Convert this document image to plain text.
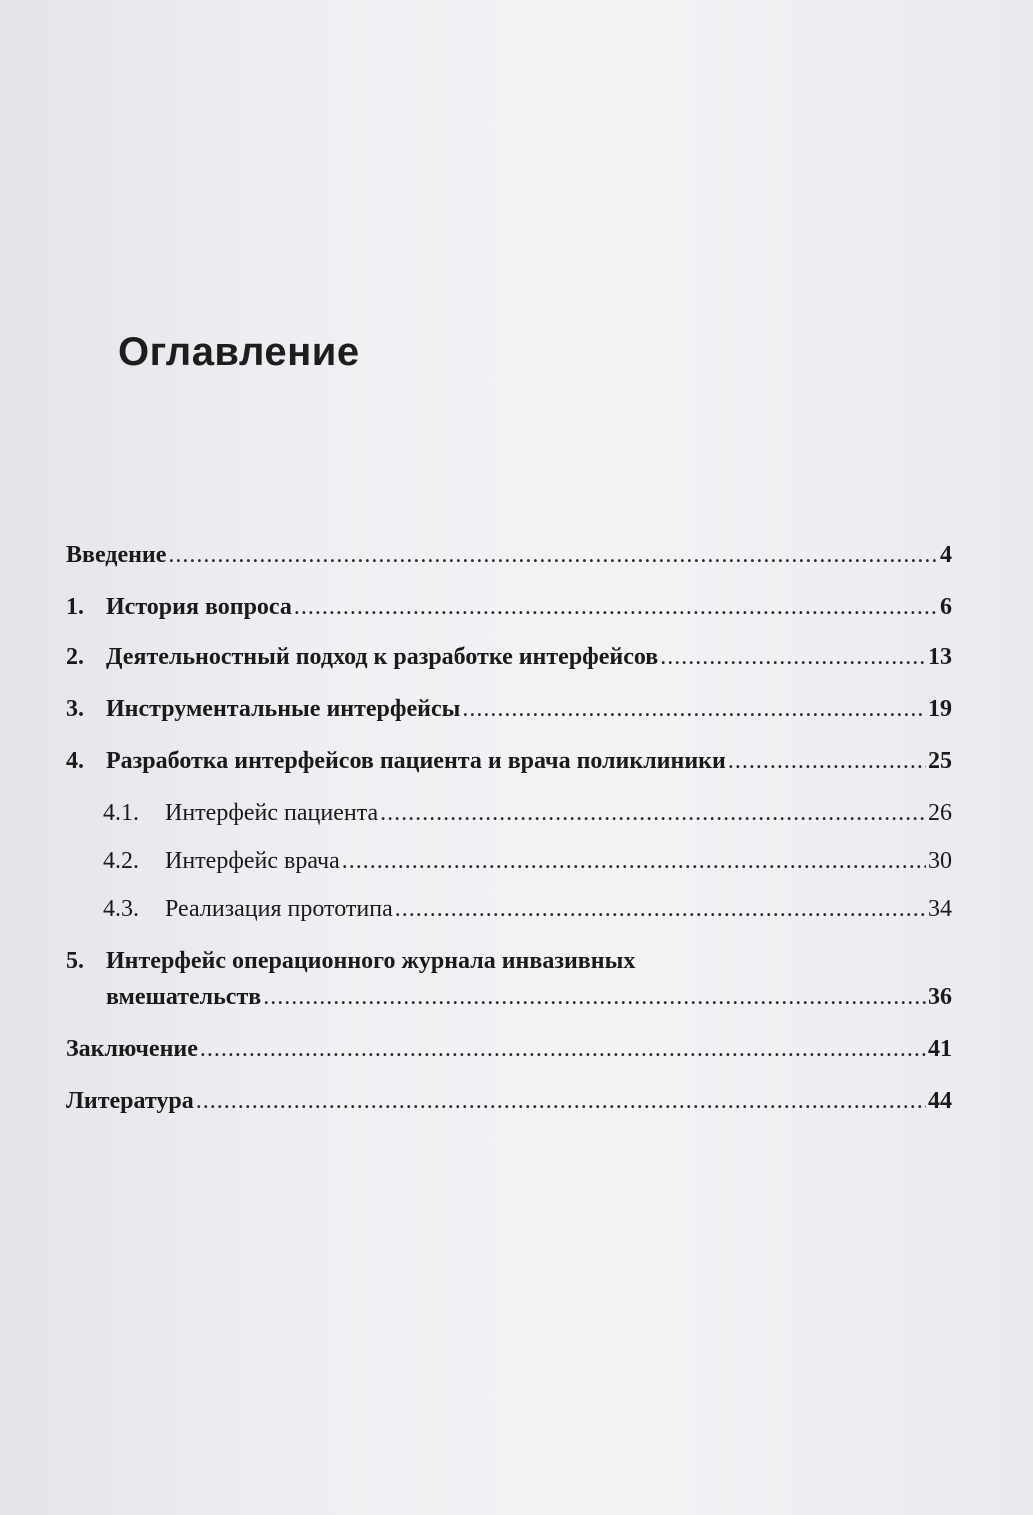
Оглавление
Введение .....	4
1. История вопроса .....	6
2. Деятельностный подход к разработке интерфейсов .....	13
3. Инструментальные интерфейсы .....	19
4. Разработка интерфейсов пациента и врача поликлиники .....	25
4.1.	Интерфейс пациента .....	26
4.2.	Интерфейс врача .....	30
4.3.	Реализация прототипа .....	34
5. Интерфейс операционного журнала инвазивных
вмешательств .....	36
Заключение .....	41
Литература .....	44
